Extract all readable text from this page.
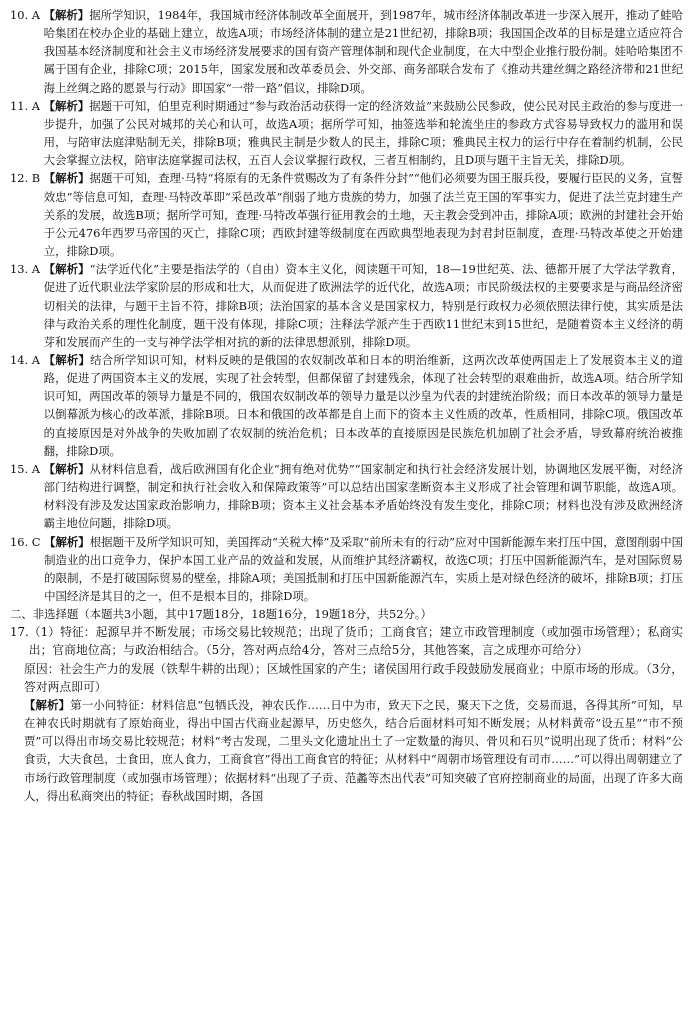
10. A
【解析】据所学知识，1984年，我国城市经济体制改革全面展开，到1987年，城市经济体制改革进一步深入展开，推动了蛙哈哈集团在校办企业的基础上建立，故选A项；市场经济体制的建立是21世纪初，排除B项；我国国企改革的目标是建立适应符合我国基本经济制度和社会主义市场经济发展要求的国有资产管理体制和现代企业制度，在大中型企业推行股份制。娃哈哈集团不属于国有企业，排除C项；2015年，国家发展和改革委员会、外交部、商务部联合发布了《推动共建丝绸之路经济带和21世纪海上丝绸之路的愿景与行动》即国家“一带一路”倡议，排除D项。
11. A
【解析】据题干可知，伯里克利时期通过“参与政治活动获得一定的经济效益”来鼓励公民参政，使公民对民主政治的参与度进一步提升，加强了公民对城邦的关心和认可，故选A项；据所学可知，抽签选举和轮流坐庄的参政方式容易导致权力的滥用和误用，与陪审法庭津贴制无关，排除B项；雅典民主制是少数人的民主，排除C项；雅典民主权力的运行中存在着制约机制，公民大会掌握立法权，陪审法庭掌握司法权，五百人会议掌握行政权，三者互相制约，且D项与题干主旨无关，排除D项。
12. B
【解析】据题干可知，查理·马特“将原有的无条件赏赐改为了有条件分封”“他们必须要为国王服兵役，要履行臣民的义务，宣誓效忠”等信息可知，查理·马特改革即“采邑改革”削弱了地方贵族的势力，加强了法兰克王国的军事实力，促进了法兰克封建生产关系的发展，故选B项；据所学可知，查理·马特改革强行征用教会的土地，天主教会受到冲击，排除A项；欧洲的封建社会开始于公元476年西罗马帝国的灭亡，排除C项；西欧封建等级制度在西欧典型地表现为封君封臣制度，查理·马特改革使之开始建立，排除D项。
13. A
【解析】“法学近代化”主要是指法学的（自由）资本主义化，阅读题干可知，18—19世纪英、法、德都开展了大学法学教育，促进了近代职业法学家阶层的形成和壮大，从而促进了欧洲法学的近代化，故选A项；市民阶级法权的主要要求是与商品经济密切相关的法律，与题干主旨不符，排除B项；法治国家的基本含义是国家权力，特别是行政权力必须依照法律行使，其实质是法律与政治关系的理性化制度，题干没有体现，排除C项；注释法学派产生于西欧11世纪末到15世纪，是随着资本主义经济的萌芽和发展而产生的一支与神学法学相对抗的新的法律思想派别，排除D项。
14. A
【解析】结合所学知识可知，材料反映的是俄国的农奴制改革和日本的明治维新，这两次改革使两国走上了发展资本主义的道路，促进了两国资本主义的发展，实现了社会转型，但都保留了封建残余，体现了社会转型的艰难曲折，故选A项。结合所学知识可知，两国改革的领导力量是不同的，俄国农奴制改革的领导力量是以沙皇为代表的封建统治阶级；而日本改革的领导力量是以倒幕派为核心的改革派，排除B项。日本和俄国的改革都是自上而下的资本主义性质的改革，性质相同，排除C项。俄国改革的直接原因是对外战争的失败加剧了农奴制的统治危机；日本改革的直接原因是民族危机加剧了社会矛盾，导致幕府统治被推翻，排除D项。
15. A
【解析】从材料信息看，战后欧洲国有化企业“拥有绝对优势”“国家制定和执行社会经济发展计划，协调地区发展平衡，对经济部门结构进行调整，制定和执行社会收入和保障政策等”可以总结出国家垄断资本主义形成了社会管理和调节职能，故选A项。材料没有涉及发达国家政治影响力，排除B项；资本主义社会基本矛盾始终没有发生变化，排除C项；材料也没有涉及欧洲经济霸主地位问题，排除D项。
16. C
【解析】根据题干及所学知识可知，美国挥动“关税大棒”及采取“前所未有的行动”应对中国新能源车来打压中国，意图削弱中国制造业的出口竞争力，保护本国工业产品的效益和发展，从而维护其经济霸权，故选C项；打压中国新能源汽车，是对国际贸易的限制，不是打破国际贸易的壁垒，排除A项；美国抵制和打压中国新能源汽车，实质上是对绿色经济的破坏，排除B项；打压中国经济是其目的之一，但不是根本目的，排除D项。
二、非选择题（本题共3小题，其中17题18分，18题16分，19题18分，共52分。）
17. （1）特征：起源早并不断发展；市场交易比较规范；出现了货币；工商食官；建立市政管理制度（或加强市场管理）；私商实出；官商地位高；与政治相结合。（5分，答对两点给4分，答对三点给5分，其他答案，言之成理亦可给分）
原因：社会生产力的发展（铁犁牛耕的出现）；区域性国家的产生；诸侯国用行政手段鼓励发展商业；中原市场的形成。（3分，答对两点即可）
【解析】第一小问特征：材料信息“包牺氏没，神农氏作……日中为市，致天下之民，聚天下之货，交易而退，各得其所”可知，早在神农氏时期就有了原始商业，得出中国古代商业起源早，历史悠久，结合后面材料可知不断发展；从材料黄帝“设五星”“市不预贾”可以得出市场交易比较规范；材料“考古发现，二里头文化遗址出土了一定数量的海贝、骨贝和石贝”说明出现了货币；材料“公食贡，大夫食邑，士食田，庶人食力，工商食官”得出工商食官的特征；从材料中“周朝市场管理设有司市……”可以得出周朝建立了市场行政管理制度（或加强市场管理）；依据材料“出现了子贡、范蠡等杰出代表”可知突破了官府控制商业的局面，出现了许多大商人，得出私商突出的特征；春秋战国时期，各国
